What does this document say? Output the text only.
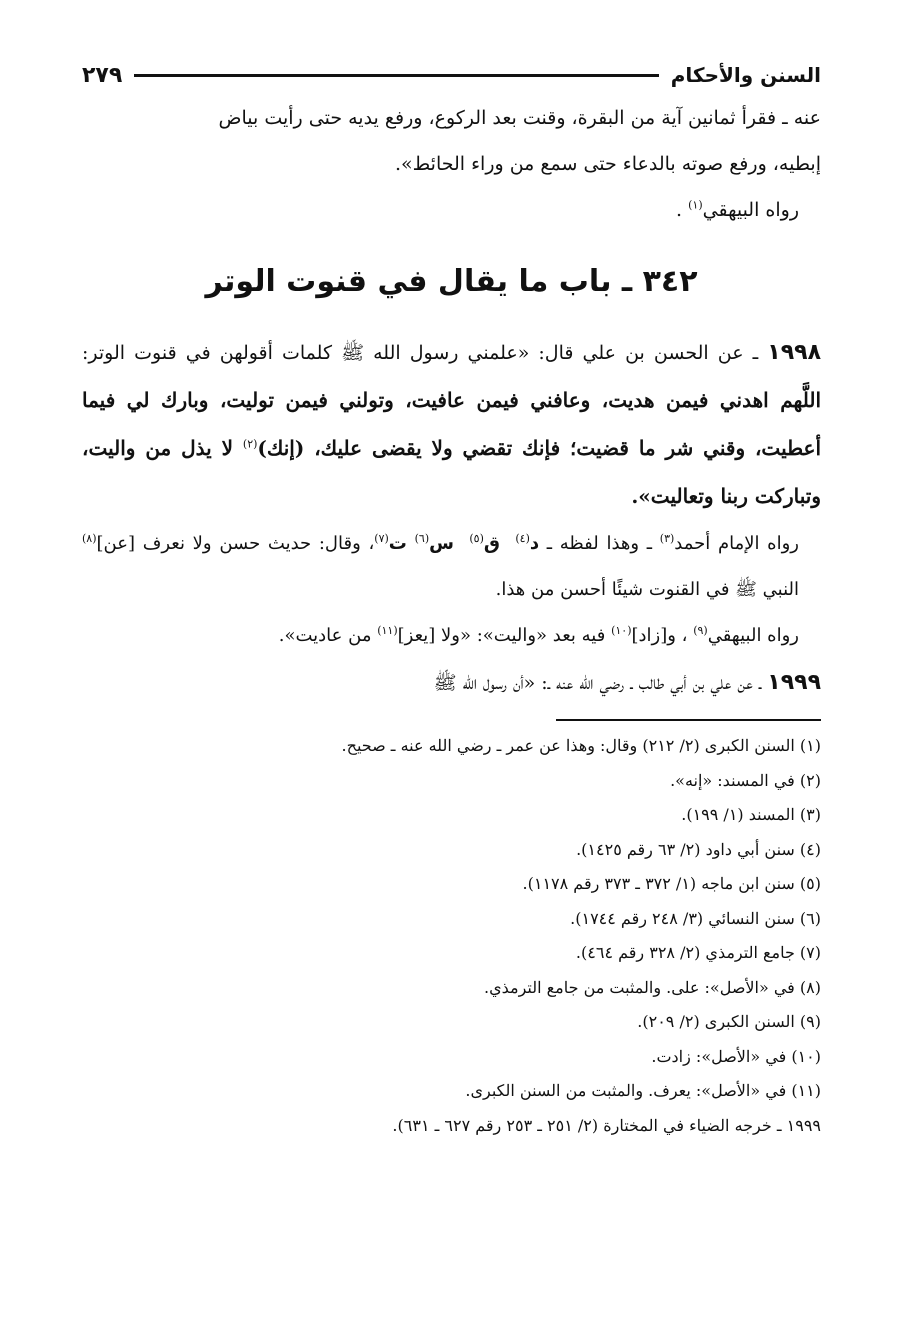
السنن والأحكام
٢٧٩

عنه ـ فقرأ ثمانين آية من البقرة، وقنت بعد الركوع، ورفع يديه حتى رأيت بياض

إبطيه، ورفع صوته بالدعاء حتى سمع من وراء الحائط».

رواه البيهقي$^{(١)}$ .

٣٤٢ ـ باب ما يقال في قنوت الوتر

١٩٩٨ ـ عن الحسن بن علي قال: «علمني رسول الله ﷺ كلمات أقولهن في قنوت الوتر: اللَّهم اهدني فيمن هديت، وعافني فيمن عافيت، وتولني فيمن توليت، وبارك لي فيما أعطيت، وقني شر ما قضيت؛ فإنك تقضي ولا يقضى عليك، (إنك)$^{(٢)}$ لا يذل من واليت، وتباركت ربنا وتعاليت».

رواه الإمام أحمد$^{(٣)}$ ـ وهذا لفظه ـ د$^{(٤)}$  ق$^{(٥)}$  س$^{(٦)}$ ت$^{(٧)}$، وقال: حديث حسن ولا نعرف [عن]$^{(٨)}$ النبي ﷺ في القنوت شيئًا أحسن من هذا.

رواه البيهقي$^{(٩)}$ ، و[زاد]$^{(١٠)}$ فيه بعد «واليت»: «ولا [يعز]$^{(١١)}$ من عاديت».

١٩٩٩ ـ عن علي بن أبي طالب ـ رضي الله عنه ـ: «أن رسول الله ﷺ

(١) السنن الكبرى (٢/ ٢١٢) وقال: وهذا عن عمر ـ رضي الله عنه ـ صحيح.

(٢) في المسند: «إنه».

(٣) المسند (١/ ١٩٩).

(٤) سنن أبي داود (٢/ ٦٣ رقم ١٤٢٥).

(٥) سنن ابن ماجه (١/ ٣٧٢ ـ ٣٧٣ رقم ١١٧٨).

(٦) سنن النسائي (٣/ ٢٤٨ رقم ١٧٤٤).

(٧) جامع الترمذي (٢/ ٣٢٨ رقم ٤٦٤).

(٨) في «الأصل»: على. والمثبت من جامع الترمذي.

(٩) السنن الكبرى (٢/ ٢٠٩).

(١٠) في «الأصل»: زادت.

(١١) في «الأصل»: يعرف. والمثبت من السنن الكبرى.

١٩٩٩ ـ خرجه الضياء في المختارة (٢/ ٢٥١ ـ ٢٥٣ رقم ٦٢٧ ـ ٦٣١).
